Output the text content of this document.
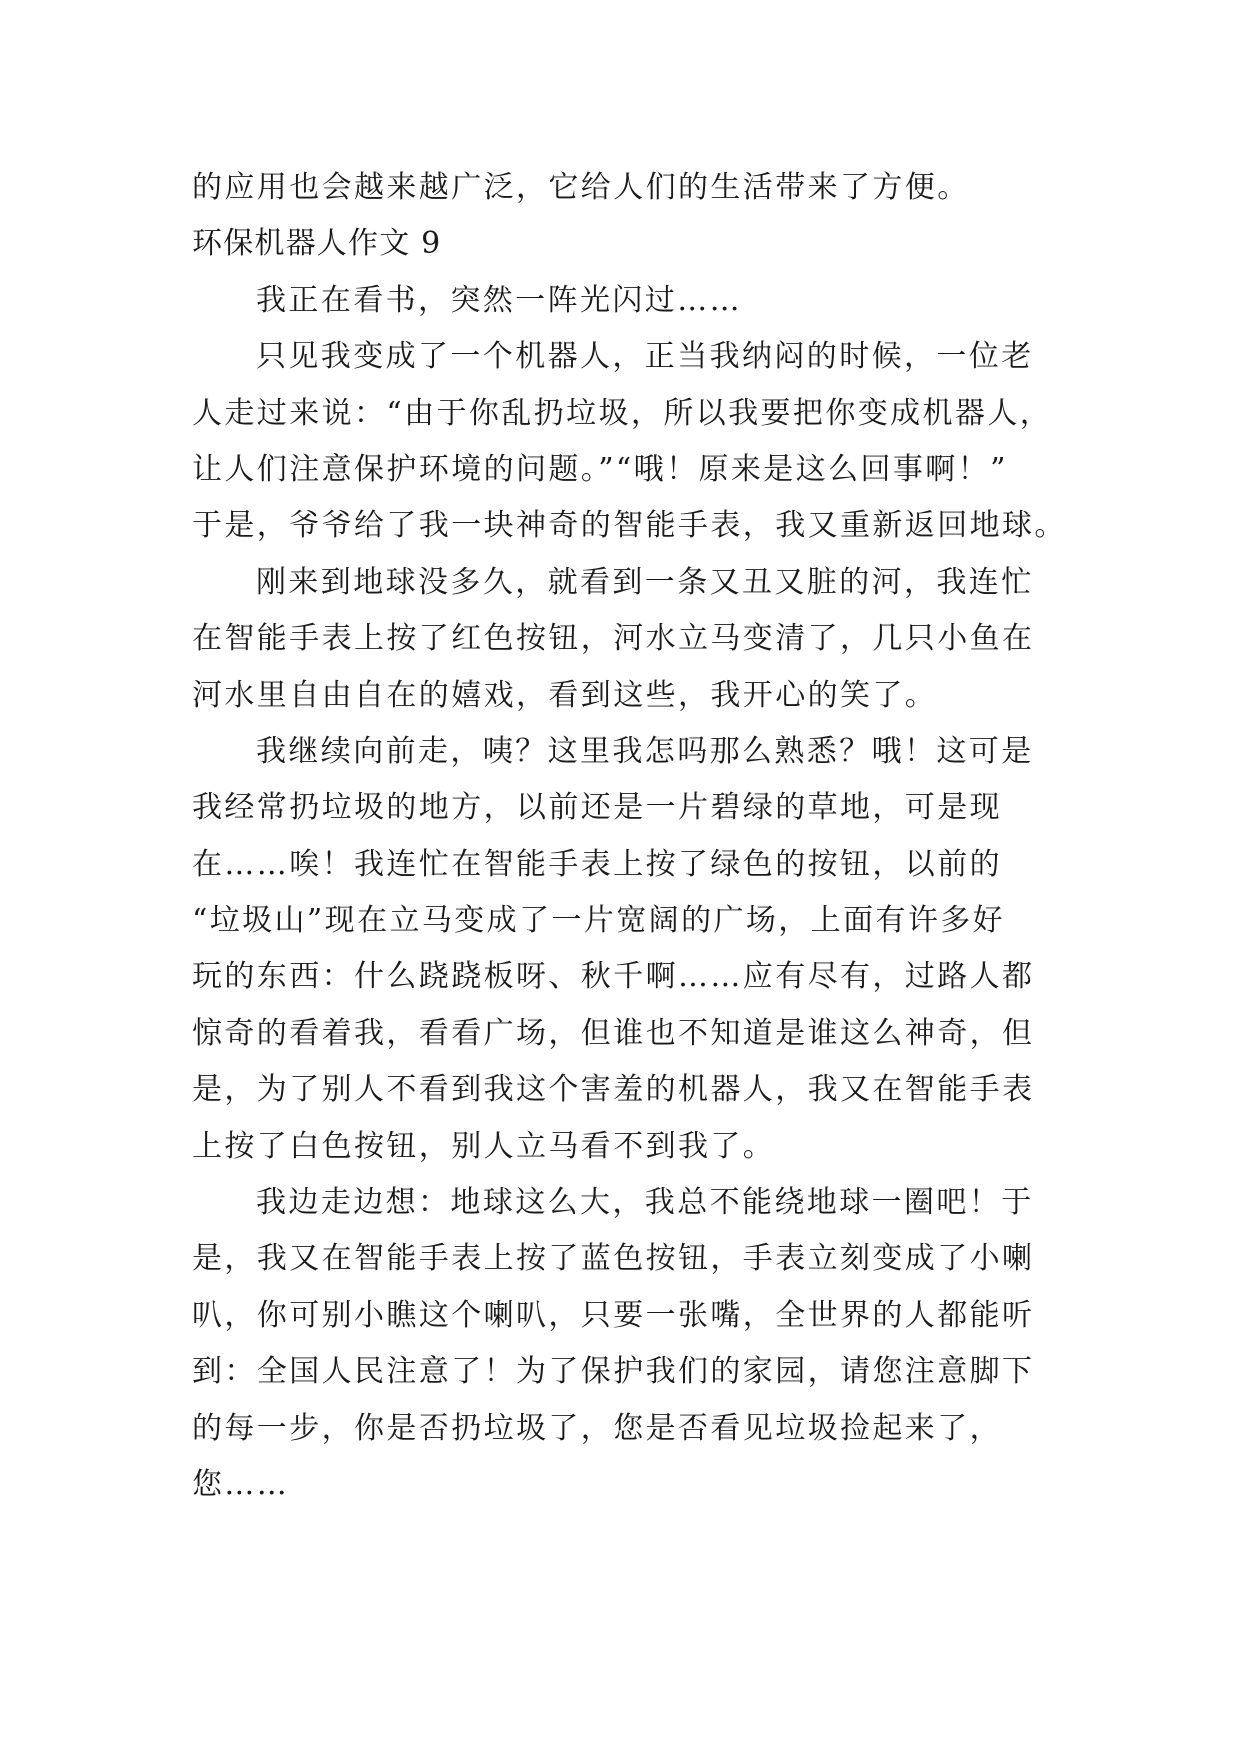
的应用也会越来越广泛，它给人们的生活带来了方便。

环保机器人作文 9

我正在看书，突然一阵光闪过……

只见我变成了一个机器人，正当我纳闷的时候，一位老

人走过来说：“由于你乱扔垃圾，所以我要把你变成机器人，

让人们注意保护环境的问题。”“哦！原来是这么回事啊！”

于是，爷爷给了我一块神奇的智能手表，我又重新返回地球。

刚来到地球没多久，就看到一条又丑又脏的河，我连忙

在智能手表上按了红色按钮，河水立马变清了，几只小鱼在

河水里自由自在的嬉戏，看到这些，我开心的笑了。

我继续向前走，咦？这里我怎吗那么熟悉？哦！这可是

我经常扔垃圾的地方，以前还是一片碧绿的草地，可是现

在……唉！我连忙在智能手表上按了绿色的按钮，以前的

“垃圾山”现在立马变成了一片宽阔的广场，上面有许多好

玩的东西：什么跷跷板呀、秋千啊……应有尽有，过路人都

惊奇的看着我，看看广场，但谁也不知道是谁这么神奇，但

是，为了别人不看到我这个害羞的机器人，我又在智能手表

上按了白色按钮，别人立马看不到我了。

我边走边想：地球这么大，我总不能绕地球一圈吧！于

是，我又在智能手表上按了蓝色按钮，手表立刻变成了小喇

叭，你可别小瞧这个喇叭，只要一张嘴，全世界的人都能听

到：全国人民注意了！为了保护我们的家园，请您注意脚下

的每一步，你是否扔垃圾了，您是否看见垃圾捡起来了，

您……
